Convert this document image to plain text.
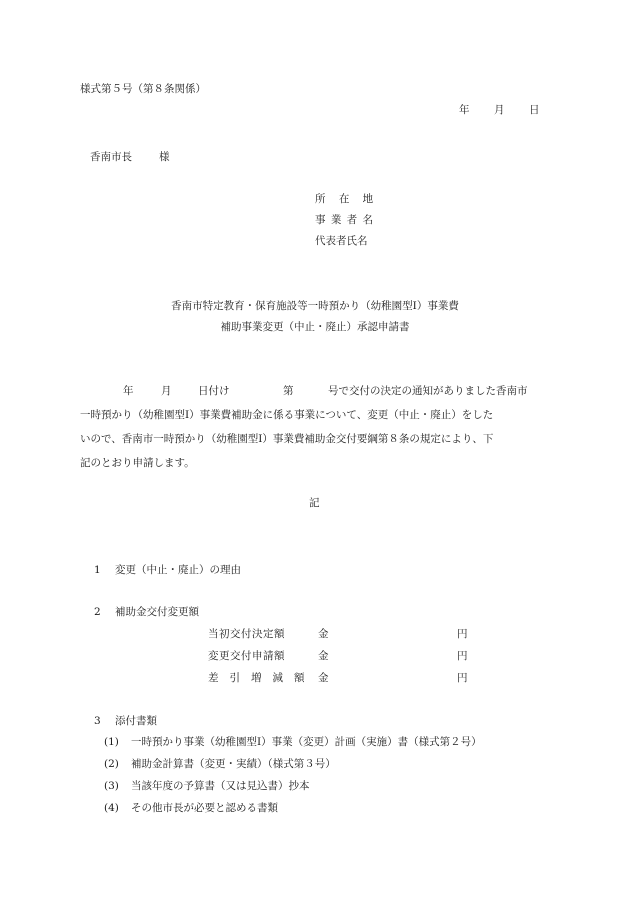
様式第５号（第８条関係）
年 月 日
香南市長	様
所 在 地
事 業 者 名
代表者氏名
香南市特定教育・保育施設等一時預かり（幼稚園型Ⅰ）事業費
補助事業変更（中止・廃止）承認申請書
年	月	日付け	第	号で交付の決定の通知がありました香南市
一時預かり（幼稚園型Ⅰ）事業費補助金に係る事業について、変更（中止・廃止）をした
いので、香南市一時預かり（幼稚園型Ⅰ）事業費補助金交付要綱第８条の規定により、下
記のとおり申請します。
記
1 変更（中止・廃止）の理由
2 補助金交付変更額
当初交付決定額	金	円
変更交付申請額	金	円
差引増減額 金	円
3 添付書類
(1) 一時預かり事業（幼稚園型Ⅰ）事業（変更）計画（実施）書（様式第２号）
(2) 補助金計算書（変更・実績）（様式第３号）
(3) 当該年度の予算書（又は見込書）抄本
(4) その他市長が必要と認める書類
